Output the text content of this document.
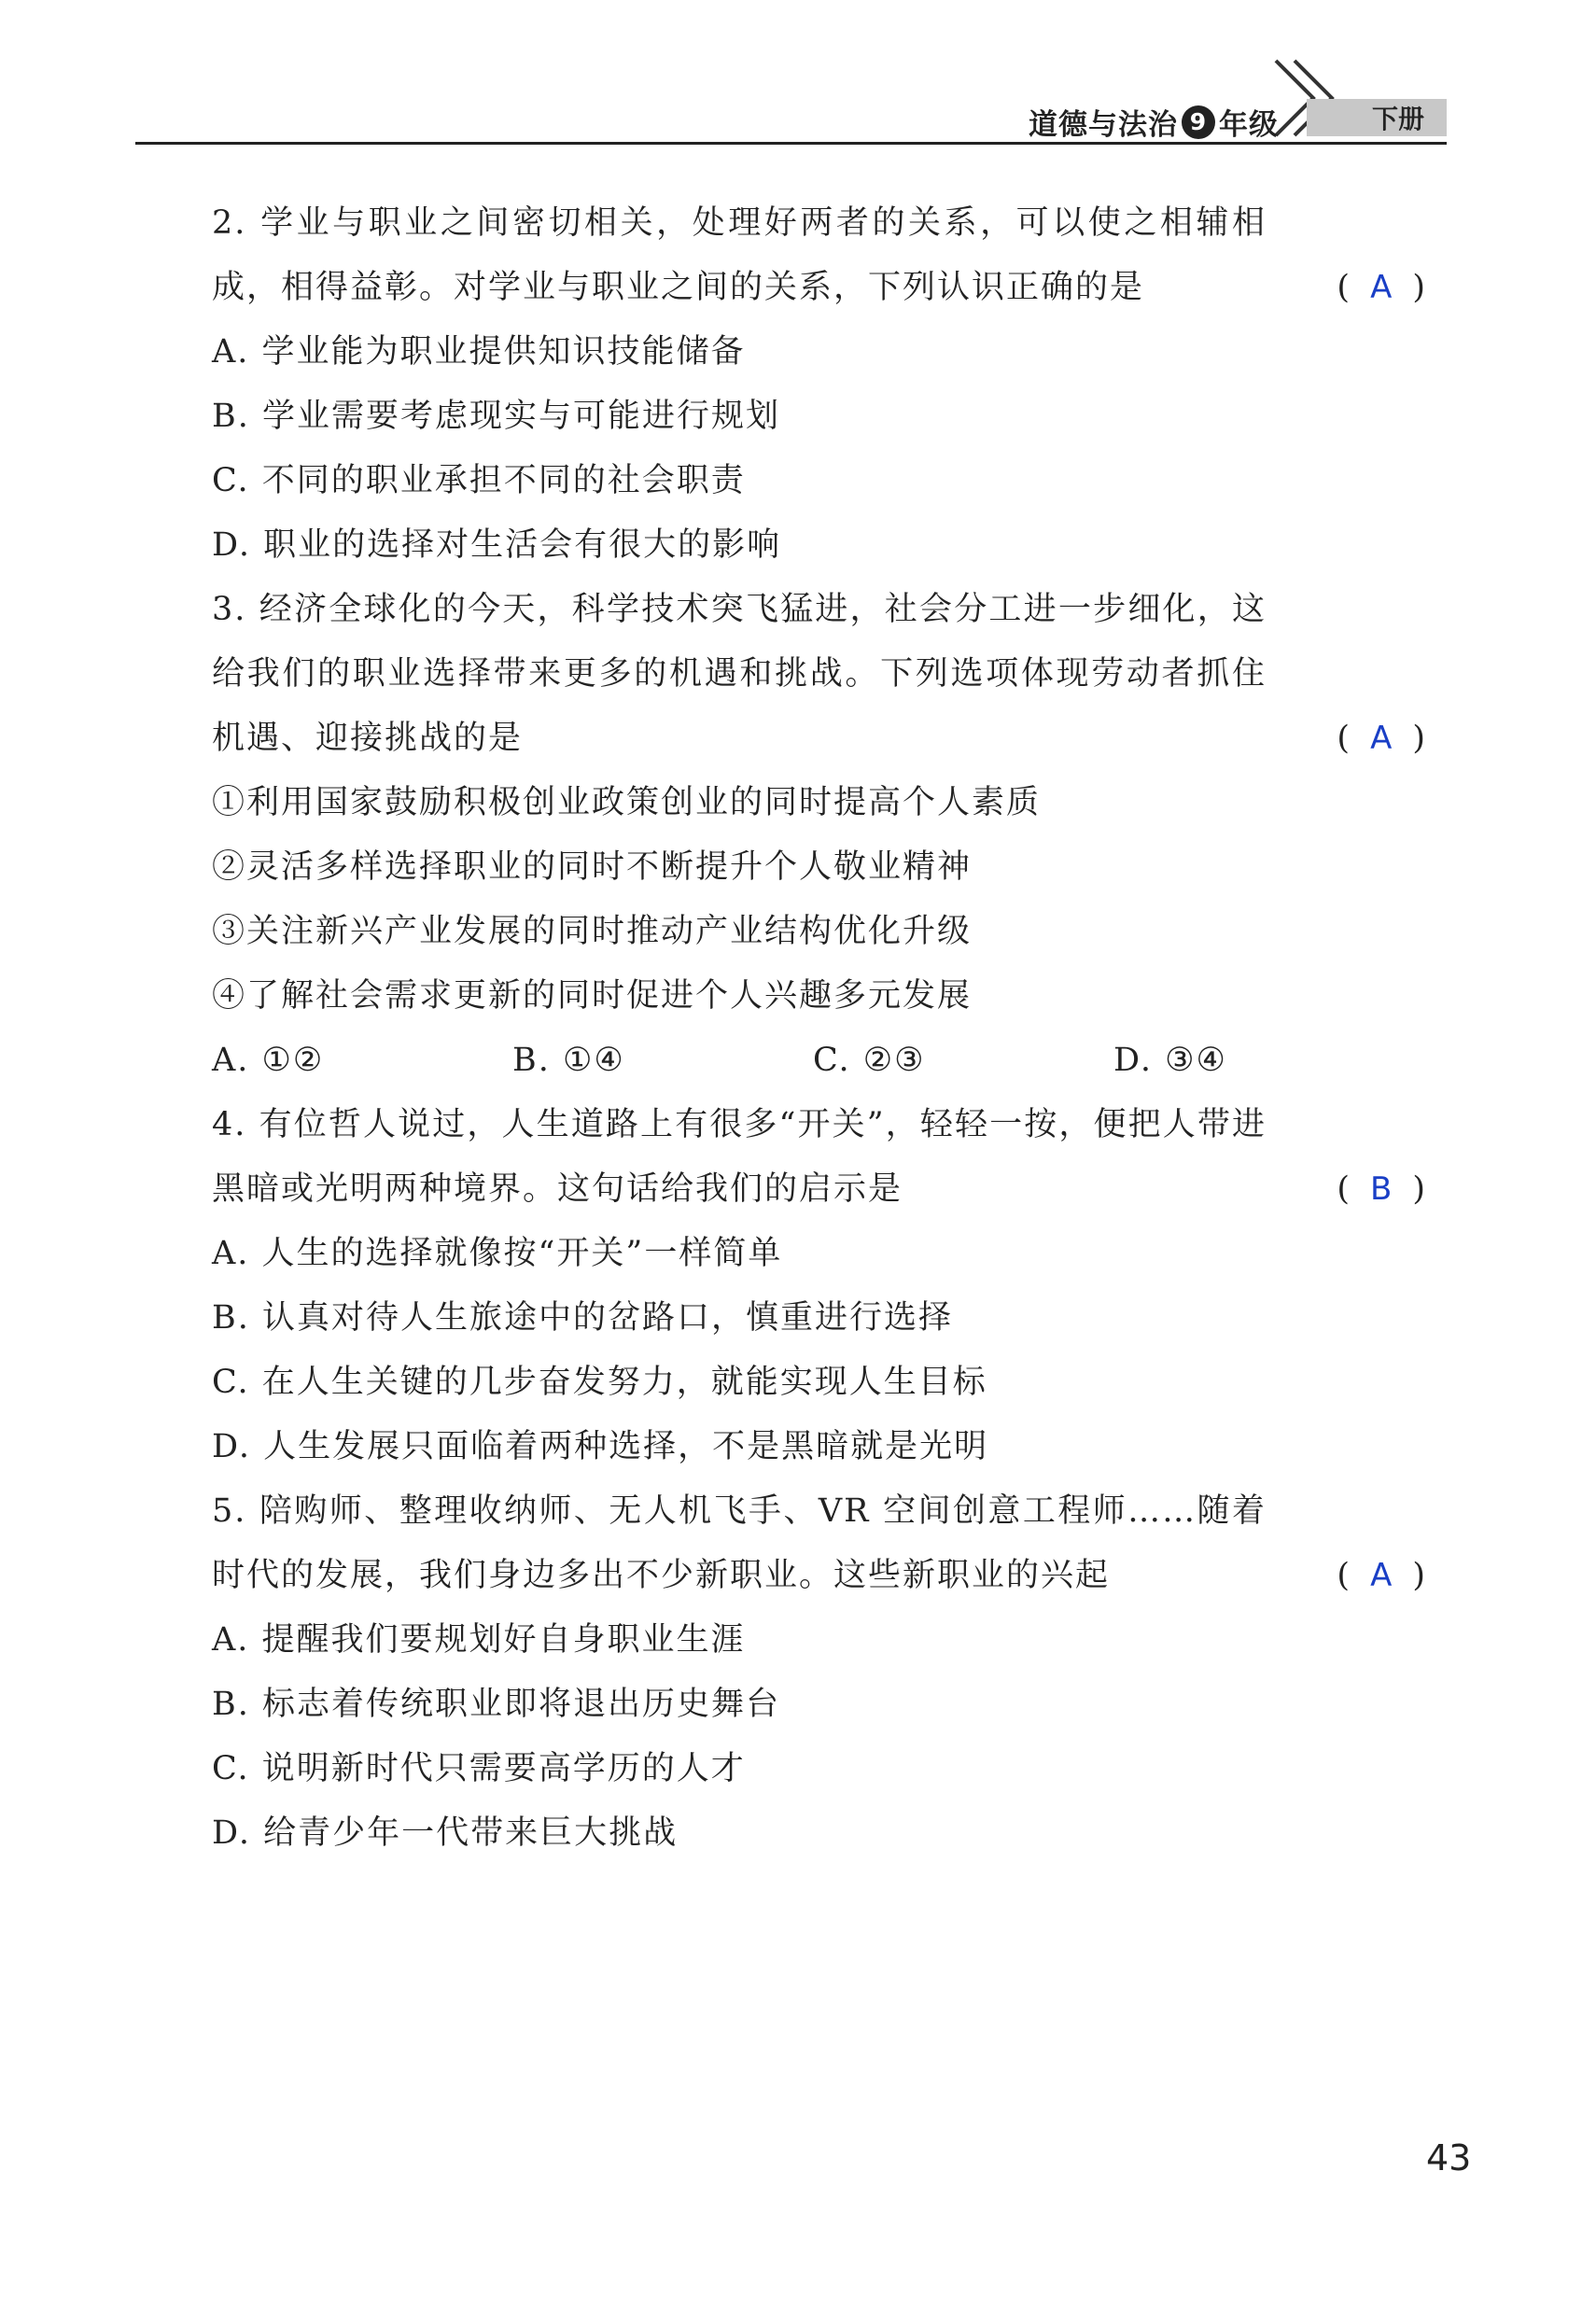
道德与法治 9 年级	下册
2. 学业与职业之间密切相关，处理好两者的关系，可以使之相辅相成，相得益彰。对学业与职业之间的关系，下列认识正确的是	( A )
A. 学业能为职业提供知识技能储备
B. 学业需要考虑现实与可能进行规划
C. 不同的职业承担不同的社会职责
D. 职业的选择对生活会有很大的影响
3. 经济全球化的今天，科学技术突飞猛进，社会分工进一步细化，这给我们的职业选择带来更多的机遇和挑战。下列选项体现劳动者抓住机遇、迎接挑战的是	( A )
①利用国家鼓励积极创业政策创业的同时提高个人素质
②灵活多样选择职业的同时不断提升个人敬业精神
③关注新兴产业发展的同时推动产业结构优化升级
④了解社会需求更新的同时促进个人兴趣多元发展
A. ①②	B. ①④	C. ②③	D. ③④
4. 有位哲人说过，人生道路上有很多“开关”，轻轻一按，便把人带进黑暗或光明两种境界。这句话给我们的启示是	( B )
A. 人生的选择就像按“开关”一样简单
B. 认真对待人生旅途中的岔路口，慎重进行选择
C. 在人生关键的几步奋发努力，就能实现人生目标
D. 人生发展只面临着两种选择，不是黑暗就是光明
5. 陪购师、整理收纳师、无人机飞手、VR 空间创意工程师……随着时代的发展，我们身边多出不少新职业。这些新职业的兴起	( A )
A. 提醒我们要规划好自身职业生涯
B. 标志着传统职业即将退出历史舞台
C. 说明新时代只需要高学历的人才
D. 给青少年一代带来巨大挑战
43
